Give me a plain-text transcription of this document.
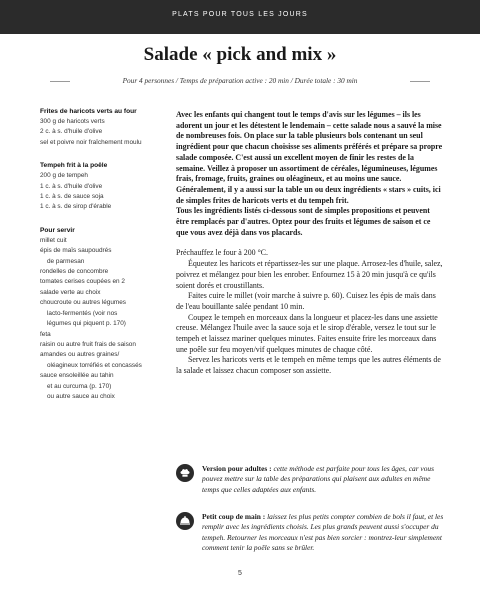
PLATS POUR TOUS LES JOURS
Salade « pick and mix »
Pour 4 personnes / Temps de préparation active : 20 min / Durée totale : 30 min
Frites de haricots verts au four
300 g de haricots verts
2 c. à s. d'huile d'olive
sel et poivre noir fraîchement moulu
Tempeh frit à la poêle
200 g de tempeh
1 c. à s. d'huile d'olive
1 c. à s. de sauce soja
1 c. à s. de sirop d'érable
Pour servir
millet cuit
épis de maïs saupoudrés
de parmesan
rondelles de concombre
tomates cerises coupées en 2
salade verte au choix
choucroute ou autres légumes
lacto-fermentés (voir nos
légumes qui piquent p. 170)
feta
raisin ou autre fruit frais de saison
amandes ou autres graines/
oléagineux torréfiés et concassés
sauce ensoleillée au tahin
et au curcuma (p. 170)
ou autre sauce au choix

Avec les enfants qui changent tout le temps d'avis sur les légumes – ils les adorent un jour et les détestent le lendemain – cette salade nous a sauvé la mise de nombreuses fois. On place sur la table plusieurs bols contenant un seul ingrédient pour que chacun choisisse ses aliments préférés et prépare sa propre salade composée. C'est aussi un excellent moyen de finir les restes de la semaine. Veillez à proposer un assortiment de céréales, légumineuses, légumes frais, fromage, fruits, graines ou oléagineux, et au moins une sauce. Généralement, il y a aussi sur la table un ou deux ingrédients « stars » cuits, ici de simples frites de haricots verts et du tempeh frit.

Tous les ingrédients listés ci-dessous sont de simples propositions et peuvent être remplacés par d'autres. Optez pour des fruits et légumes de saison et ce que vous avez déjà dans vos placards.

Préchauffez le four à 200 °C.

Équeutez les haricots et répartissez-les sur une plaque. Arrosez-les d'huile, salez, poivrez et mélangez pour bien les enrober. Enfournez 15 à 20 min jusqu'à ce qu'ils soient dorés et croustillants.

Faites cuire le millet (voir marche à suivre p. 60). Cuisez les épis de maïs dans de l'eau bouillante salée pendant 10 min.

Coupez le tempeh en morceaux dans la longueur et placez-les dans une assiette creuse. Mélangez l'huile avec la sauce soja et le sirop d'érable, versez le tout sur le tempeh et laissez mariner quelques minutes. Faites ensuite frire les morceaux dans une poêle sur feu moyen/vif quelques minutes de chaque côté.

Servez les haricots verts et le tempeh en même temps que les autres éléments de la salade et laissez chacun composer son assiette.

Version pour adultes : cette méthode est parfaite pour tous les âges, car vous pouvez mettre sur la table des préparations qui plaisent aux adultes en même temps que celles adaptées aux enfants.
Petit coup de main : laissez les plus petits compter combien de bols il faut, et les remplir avec les ingrédients choisis. Les plus grands peuvent aussi s'occuper du tempeh. Retourner les morceaux n'est pas bien sorcier : montrez-leur simplement comment tenir la poêle sans se brûler.
5
